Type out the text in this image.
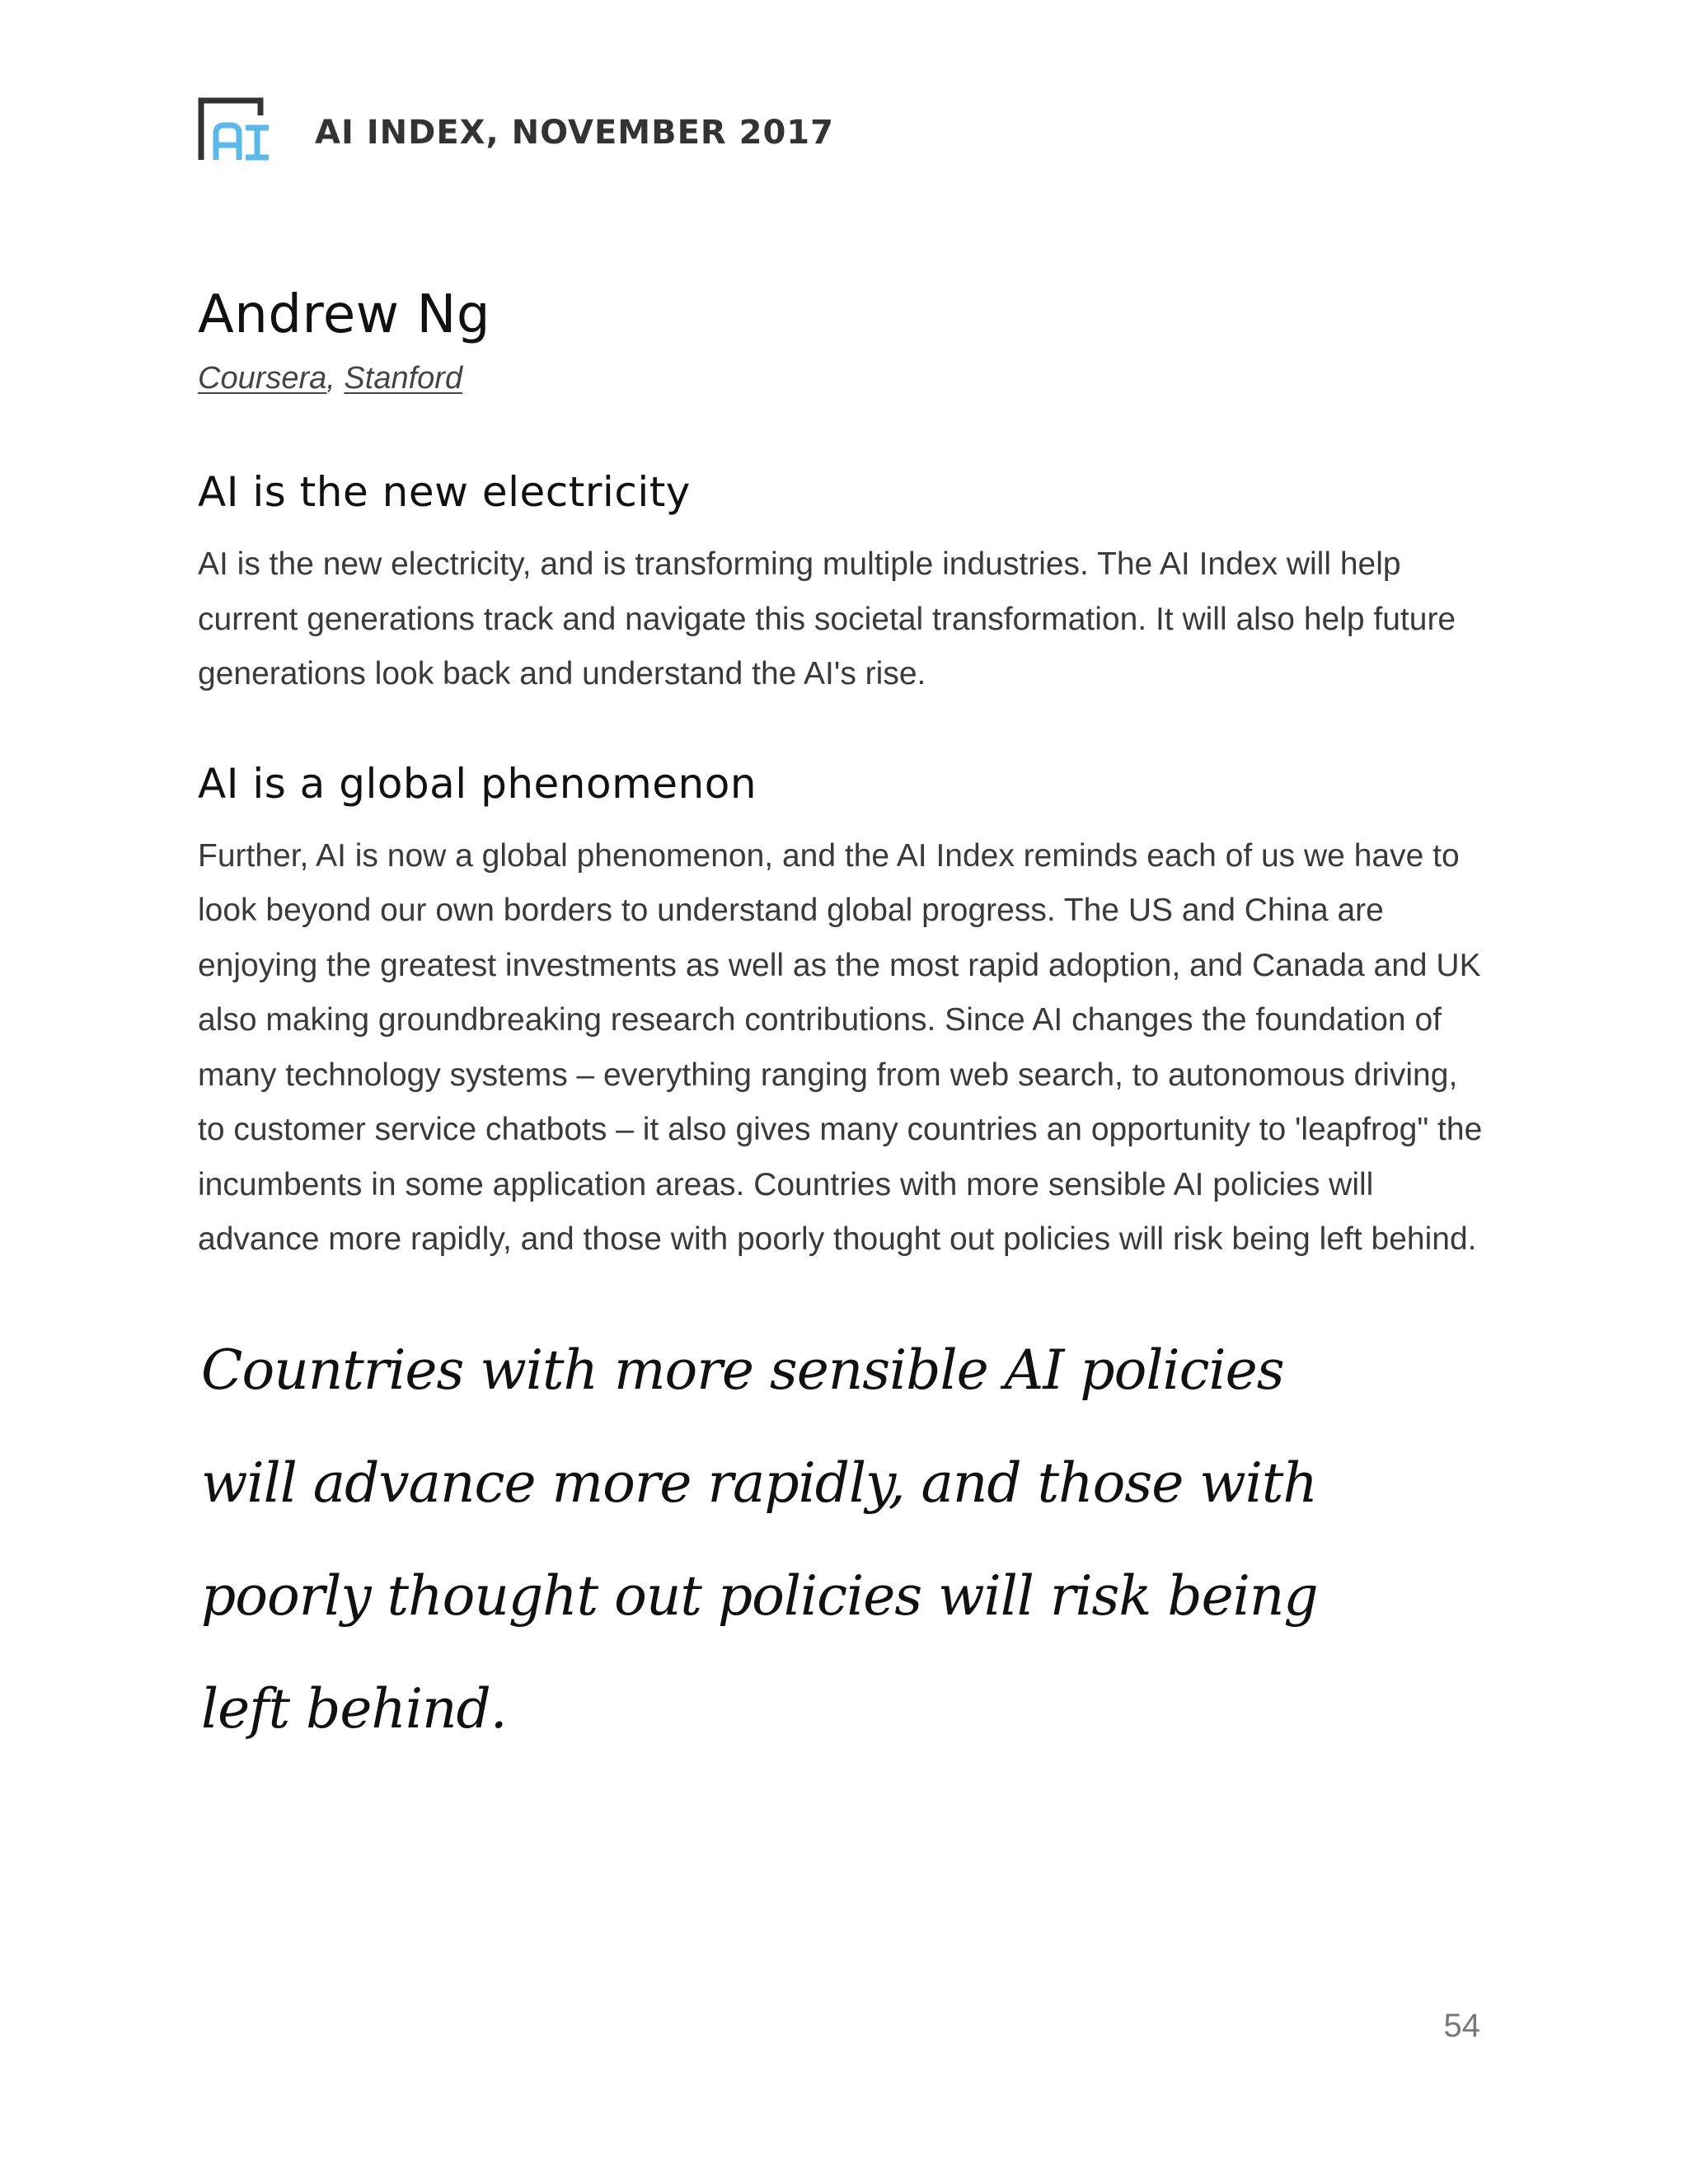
AI INDEX, NOVEMBER 2017
Andrew Ng
Coursera, Stanford
AI is the new electricity

AI is the new electricity, and is transforming multiple industries. The AI Index will help current generations track and navigate this societal transformation. It will also help future generations look back and understand the AI's rise.

AI is a global phenomenon

Further, AI is now a global phenomenon, and the AI Index reminds each of us we have to look beyond our own borders to understand global progress. The US and China are enjoying the greatest investments as well as the most rapid adoption, and Canada and UK also making groundbreaking research contributions. Since AI changes the foundation of many technology systems – everything ranging from web search, to autonomous driving, to customer service chatbots – it also gives many countries an opportunity to 'leapfrog" the incumbents in some application areas. Countries with more sensible AI policies will advance more rapidly, and those with poorly thought out policies will risk being left behind.

Countries with more sensible AI policies will advance more rapidly, and those with poorly thought out policies will risk being left behind.
54
